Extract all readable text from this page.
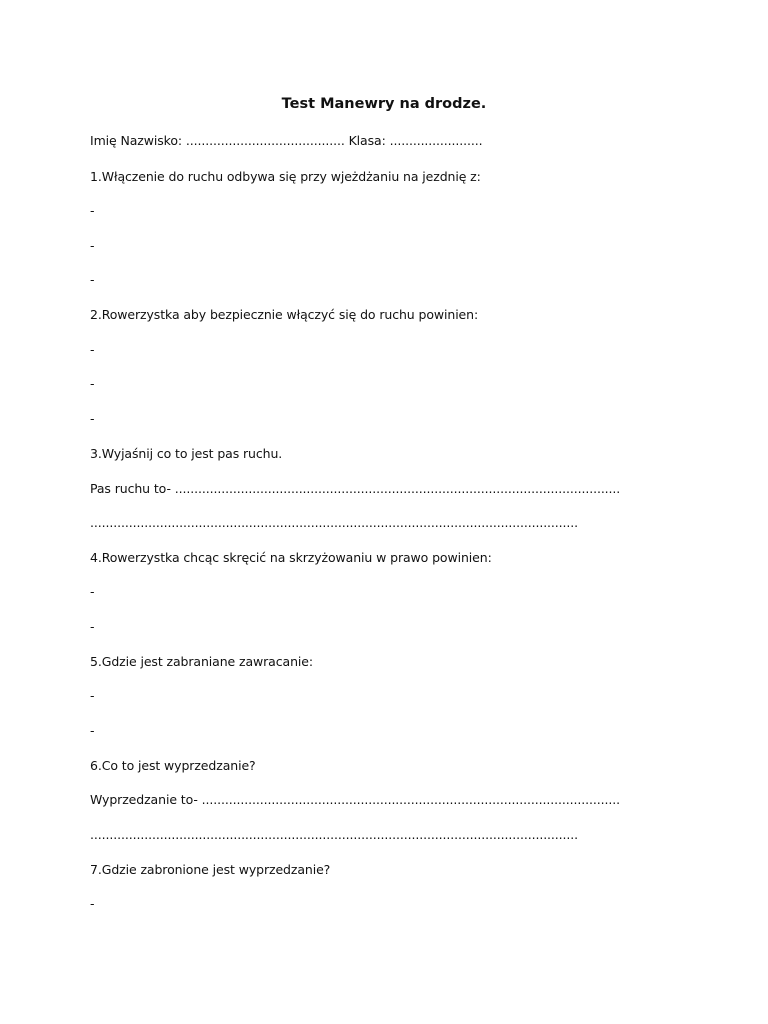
Test Manewry na drodze.
Imię Nazwisko: ......................................... Klasa: ........................
1.Włączenie do ruchu odbywa się przy wjeżdżaniu na jezdnię z:
-
-
-
2.Rowerzystka aby bezpiecznie włączyć się do ruchu powinien:
-
-
-
3.Wyjaśnij co to jest pas ruchu.
Pas ruchu to- ...................................................................................................................
..............................................................................................................................
4.Rowerzystka chcąc skręcić na skrzyżowaniu w prawo powinien:
-
-
5.Gdzie jest zabraniane zawracanie:
-
-
6.Co to jest wyprzedzanie?
Wyprzedzanie to- ............................................................................................................
..............................................................................................................................
7.Gdzie zabronione jest wyprzedzanie?
-
